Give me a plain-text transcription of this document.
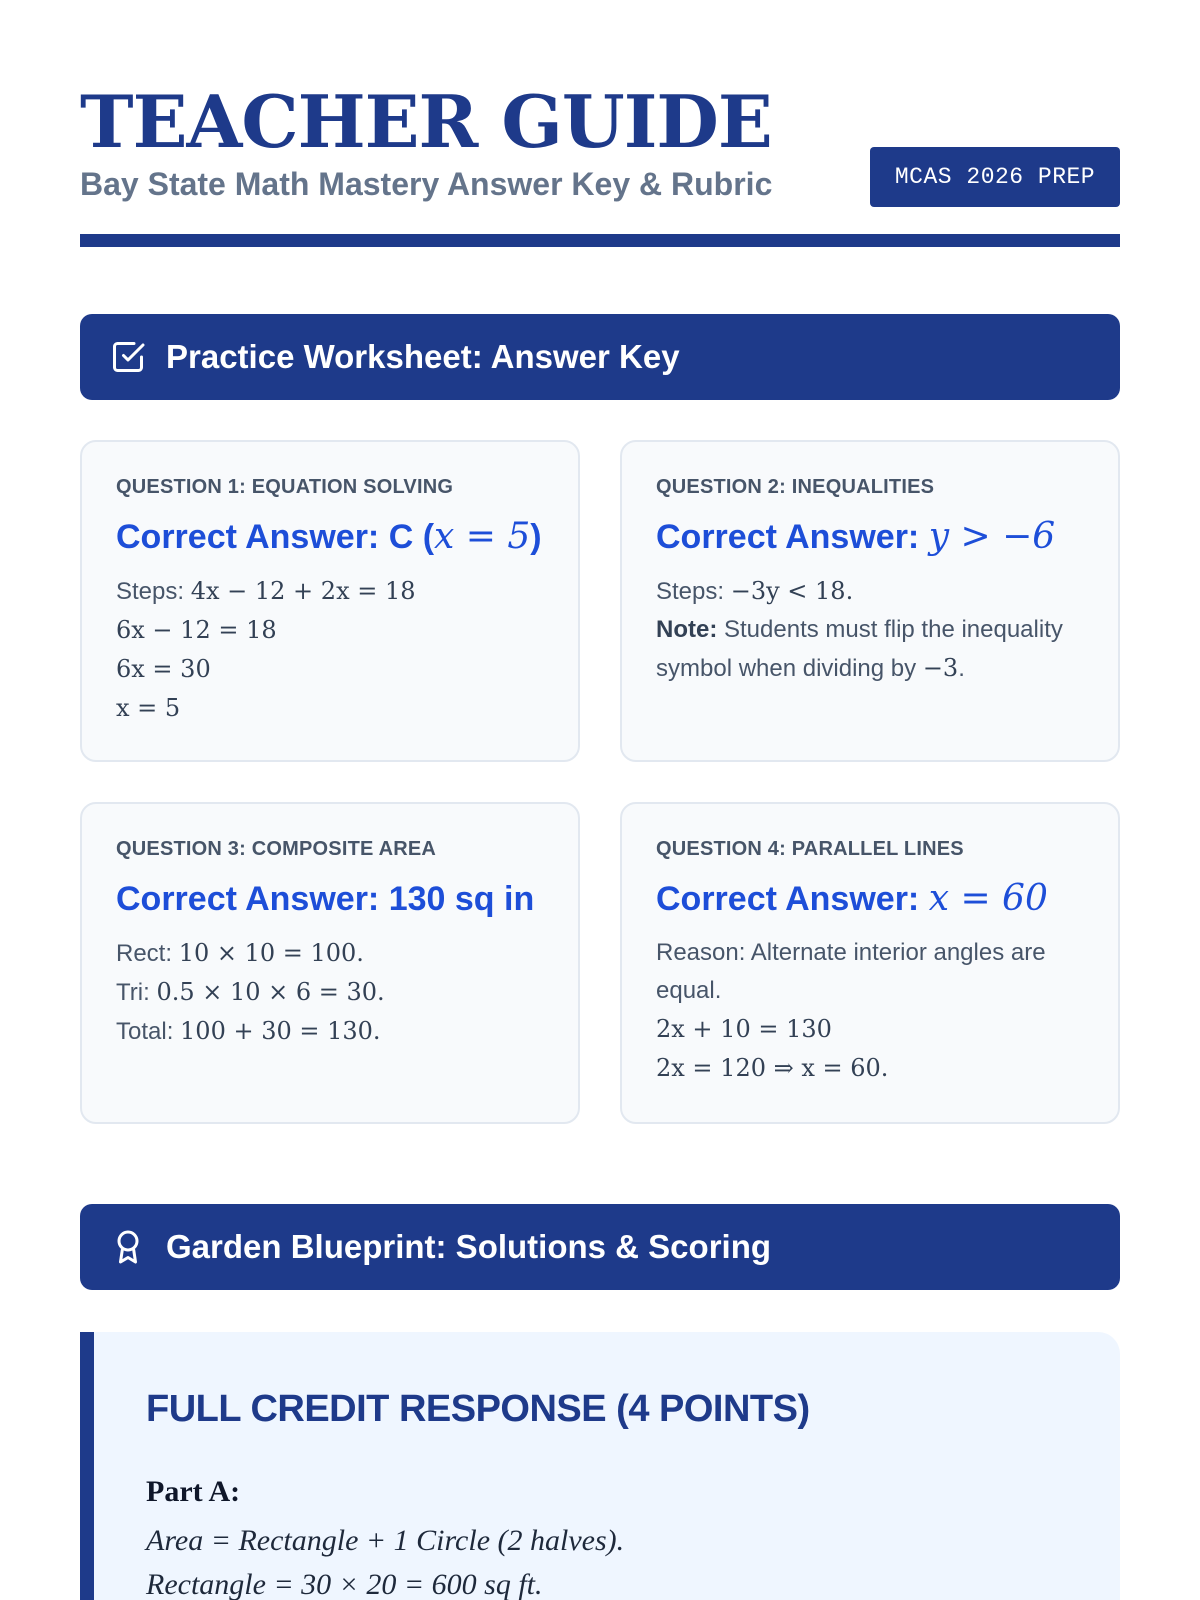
TEACHER GUIDE
Bay State Math Mastery Answer Key & Rubric	MCAS 2026 PREP
Practice Worksheet: Answer Key
QUESTION 1: EQUATION SOLVING
Correct Answer: C (x = 5)
Steps: 4x − 12 + 2x = 18
6x − 12 = 18
6x = 30
x = 5
QUESTION 2: INEQUALITIES
Correct Answer: y > −6
Steps: −3y < 18.
Note: Students must flip the inequality symbol when dividing by −3.
QUESTION 3: COMPOSITE AREA
Correct Answer: 130 sq in
Rect: 10 × 10 = 100.
Tri: 0.5 × 10 × 6 = 30.
Total: 100 + 30 = 130.
QUESTION 4: PARALLEL LINES
Correct Answer: x = 60
Reason: Alternate interior angles are equal.
2x + 10 = 130
2x = 120 ⇒ x = 60.
Garden Blueprint: Solutions & Scoring
FULL CREDIT RESPONSE (4 POINTS)
Part A:
Area = Rectangle + 1 Circle (2 halves).
Rectangle = 30 × 20 = 600 sq ft.
